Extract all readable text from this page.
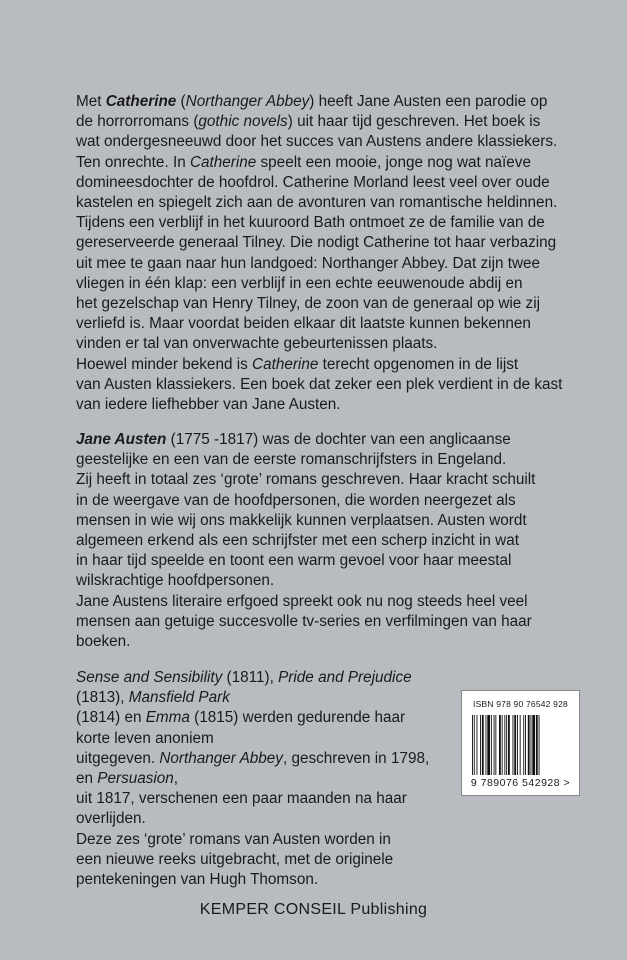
Met Catherine (Northanger Abbey) heeft Jane Austen een parodie op

de horrorromans (gothic novels) uit haar tijd geschreven. Het boek is

wat ondergesneeuwd door het succes van Austens andere klassiekers.

Ten onrechte. In Catherine speelt een mooie, jonge nog wat naïeve

domineesdochter de hoofdrol. Catherine Morland leest veel over oude

kastelen en spiegelt zich aan de avonturen van romantische heldinnen.

Tijdens een verblijf in het kuuroord Bath ontmoet ze de familie van de

gereserveerde generaal Tilney. Die nodigt Catherine tot haar verbazing

uit mee te gaan naar hun landgoed: Northanger Abbey. Dat zijn twee

vliegen in één klap: een verblijf in een echte eeuwenoude abdij en

het gezelschap van Henry Tilney, de zoon van de generaal op wie zij

verliefd is. Maar voordat beiden elkaar dit laatste kunnen bekennen

vinden er tal van onverwachte gebeurtenissen plaats.

Hoewel minder bekend is Catherine terecht opgenomen in de lijst

van Austen klassiekers. Een boek dat zeker een plek verdient in de kast

van iedere liefhebber van Jane Austen.

Jane Austen (1775 -1817) was de dochter van een anglicaanse

geestelijke en een van de eerste romanschrijfsters in Engeland.

Zij heeft in totaal zes ‘grote’ romans geschreven. Haar kracht schuilt

in de weergave van de hoofdpersonen, die worden neergezet als

mensen in wie wij ons makkelijk kunnen verplaatsen. Austen wordt

algemeen erkend als een schrijfster met een scherp inzicht in wat

in haar tijd speelde en toont een warm gevoel voor haar meestal

wilskrachtige hoofdpersonen.

Jane Austens literaire erfgoed spreekt ook nu nog steeds heel veel

mensen aan getuige succesvolle tv-series en verfilmingen van haar

boeken.

Sense and Sensibility (1811), Pride and Prejudice (1813), Mansfield Park

(1814) en Emma (1815) werden gedurende haar korte leven anoniem

uitgegeven. Northanger Abbey, geschreven in 1798, en Persuasion,

uit 1817, verschenen een paar maanden na haar

overlijden.

Deze zes ‘grote’ romans van Austen worden in

een nieuwe reeks uitgebracht, met de originele

pentekeningen van Hugh Thomson.

ISBN 978 90 76542 928
9 789076 542928 >
KEMPER CONSEIL Publishing
